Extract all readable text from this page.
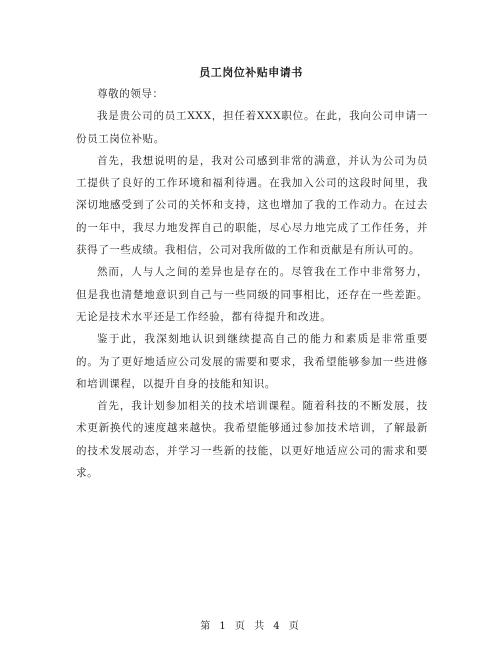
员工岗位补贴申请书

尊敬的领导：

我是贵公司的员工XXX，担任着XXX职位。在此，我向公司申请一份员工岗位补贴。

首先，我想说明的是，我对公司感到非常的满意，并认为公司为员工提供了良好的工作环境和福利待遇。在我加入公司的这段时间里，我深切地感受到了公司的关怀和支持，这也增加了我的工作动力。在过去的一年中，我尽力地发挥自己的职能，尽心尽力地完成了工作任务，并获得了一些成绩。我相信，公司对我所做的工作和贡献是有所认可的。

然而，人与人之间的差异也是存在的。尽管我在工作中非常努力，但是我也清楚地意识到自己与一些同级的同事相比，还存在一些差距。无论是技术水平还是工作经验，都有待提升和改进。

鉴于此，我深刻地认识到继续提高自己的能力和素质是非常重要的。为了更好地适应公司发展的需要和要求，我希望能够参加一些进修和培训课程，以提升自身的技能和知识。

首先，我计划参加相关的技术培训课程。随着科技的不断发展，技术更新换代的速度越来越快。我希望能够通过参加技术培训，了解最新的技术发展动态，并学习一些新的技能，以更好地适应公司的需求和要求。

第 1 页 共 4 页
